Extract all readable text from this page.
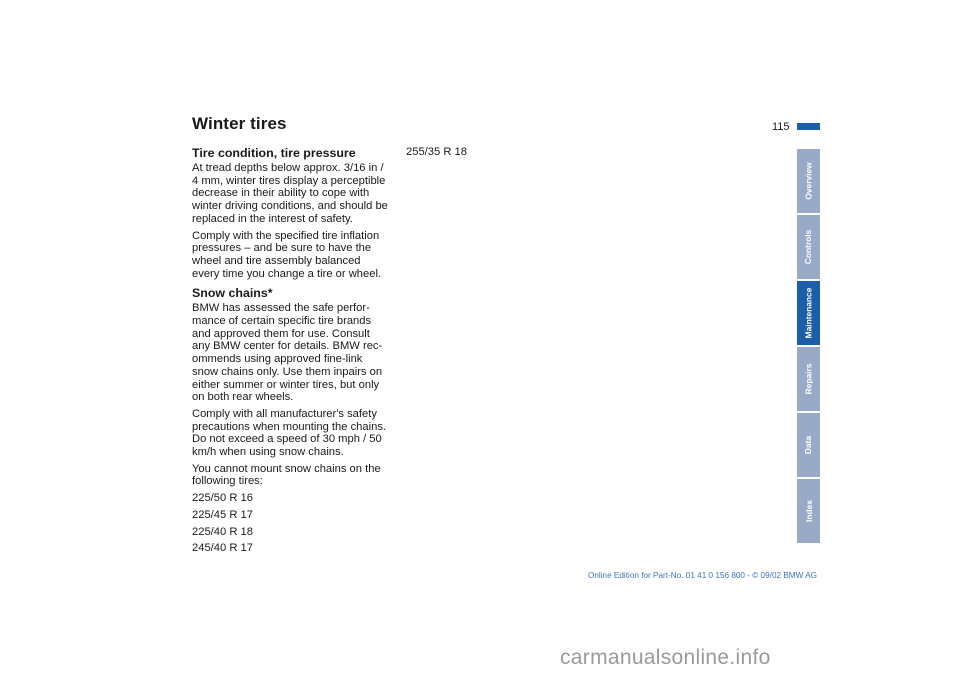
Winter tires	115
Tire condition, tire pressure

At tread depths below approx. 3/16 in / 4 mm, winter tires display a perceptible decrease in their ability to cope with winter driving conditions, and should be replaced in the interest of safety.

Comply with the specified tire inflation pressures – and be sure to have the wheel and tire assembly balanced every time you change a tire or wheel.

Snow chains*

BMW has assessed the safe perfor-mance of certain specific tire brands and approved them for use. Consult any BMW center for details. BMW rec-ommends using approved fine-link snow chains only. Use them inpairs on either summer or winter tires, but only on both rear wheels.

Comply with all manufacturer's safety precautions when mounting the chains. Do not exceed a speed of 30 mph / 50 km/h when using snow chains.

You cannot mount snow chains on the following tires:

225/50 R 16
225/45 R 17
225/40 R 18
245/40 R 17
255/35 R 18
Overview
Controls
Maintenance
Repairs
Data
Index
Online Edition for Part-No. 01 41 0 156 800 - © 09/02 BMW AG
carmanualsonline.info
